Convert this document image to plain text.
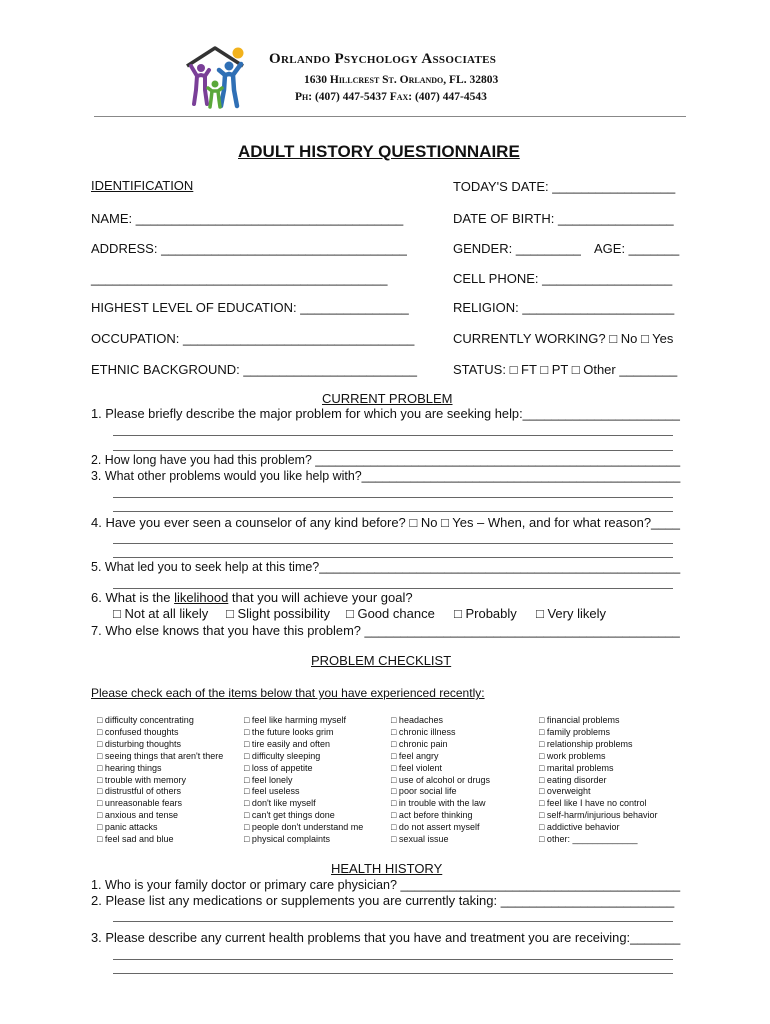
Orlando Psychology Associates
1630 Hillcrest St. Orlando, FL. 32803
Ph: (407) 447-5437 Fax: (407) 447-4543
ADULT HISTORY QUESTIONNAIRE
IDENTIFICATION	TODAY'S DATE: _________________
NAME: _____________________________________	DATE OF BIRTH: ________________
ADDRESS: __________________________________	GENDER: _________ AGE: _______
_________________________________________	CELL PHONE: __________________
HIGHEST LEVEL OF EDUCATION: _______________	RELIGION: _____________________
OCCUPATION: ________________________________	CURRENTLY WORKING? □ No □ Yes
ETHNIC BACKGROUND: ________________________	STATUS: □ FT □ PT □ Other ________
CURRENT PROBLEM
1. Please briefly describe the major problem for which you are seeking help:______________________
2. How long have you had this problem? _____________________________________________________
3. What other problems would you like help with?______________________________________________
4. Have you ever seen a counselor of any kind before? □ No □ Yes – When, and for what reason?____
5. What led you to seek help at this time?____________________________________________________
6. What is the likelihood that you will achieve your goal?
□ Not at all likely □ Slight possibility □ Good chance □ Probably □ Very likely
7. Who else knows that you have this problem? ____________________________________________
PROBLEM CHECKLIST
Please check each of the items below that you have experienced recently:
□ difficulty concentrating
□ confused thoughts
□ disturbing thoughts
□ seeing things that aren't there
□ hearing things
□ trouble with memory
□ distrustful of others
□ unreasonable fears
□ anxious and tense
□ panic attacks
□ feel sad and blue
□ feel like harming myself
□ the future looks grim
□ tire easily and often
□ difficulty sleeping
□ loss of appetite
□ feel lonely
□ feel useless
□ don't like myself
□ can't get things done
□ people don't understand me
□ physical complaints
□ headaches
□ chronic illness
□ chronic pain
□ feel angry
□ feel violent
□ use of alcohol or drugs
□ poor social life
□ in trouble with the law
□ act before thinking
□ do not assert myself
□ sexual issue
□ financial problems
□ family problems
□ relationship problems
□ work problems
□ marital problems
□ eating disorder
□ overweight
□ feel like I have no control
□ self-harm/injurious behavior
□ addictive behavior
□ other: _____________
HEALTH HISTORY
1. Who is your family doctor or primary care physician? ________________________________________
2. Please list any medications or supplements you are currently taking: ________________________
3. Please describe any current health problems that you have and treatment you are receiving:_______
